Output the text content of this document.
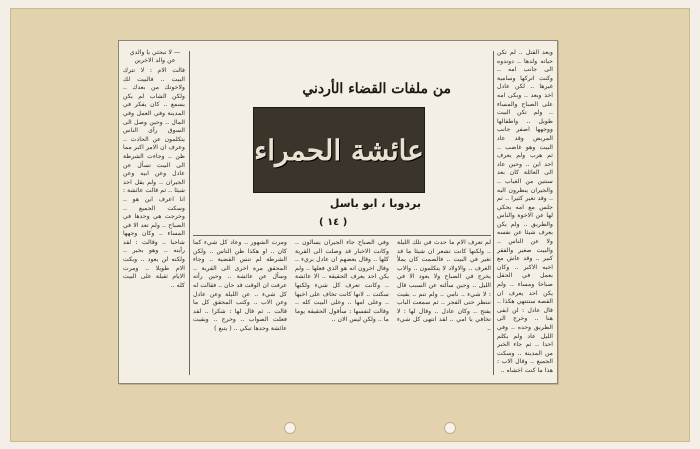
— لا تبحثي يا والدي عن والد الاخرين

قالت الام : لا تترك البيت .. فالبيت لك ولاخوتك من بعدك .. ولكن الشاب لم يكن يسمع .. كان يفكر في المدينة وفي العمل وفي المال .. وحين وصل الى السوق رأى الناس يتكلمون عن الحادث .. وعرف ان الامر اكبر مما ظن .. وجاءت الشرطة الى البيت تسأل عن عادل وعن ابيه وعن الجيران .. ولم يقل احد شيئا .. ثم قالت عائشة : انا اعرف اين هو .. وسكت الجميع .. وخرجت هي وحدها في الصباح .. ولم تعد الا في المساء .. وكان وجهها شاحبا .. وقالت : لقد رأيته .. وهو بخير .. ولكنه لن يعود .. وبكت الام طويلا .. ومرت الايام ثقيلة على البيت كله ..

من ملفات القضاء الأردني
عائشة الحمراء
بردوبا ، ابو باسل
( ١٤ )

لم تعرف الام ما حدث في تلك الليلة .. ولكنها كانت تشعر ان شيئا ما قد تغير في البيت .. فالصمت كان يملأ الغرف .. والاولاد لا يتكلمون .. والاب يخرج في الصباح ولا يعود الا في الليل .. وحين سألته عن السبب قال : لا شيء .. نامي .. ولم تنم .. بقيت تنتظر حتى الفجر .. ثم سمعت الباب يفتح .. وكان عادل .. وقال لها : لا تخافي يا امي .. لقد انتهى كل شيء ..

وفي الصباح جاء الجيران يسألون .. وكانت الاخبار قد وصلت الى القرية كلها .. وقال بعضهم ان عادل بريء .. وقال اخرون انه هو الذي فعلها .. ولم يكن احد يعرف الحقيقة .. الا عائشة .. وكانت تعرف كل شيء ولكنها سكتت .. لانها كانت تخاف على اخيها .. وعلى امها .. وعلى البيت كله .. وقالت لنفسها : سأقول الحقيقة يوما ما .. ولكن ليس الان ..

ومرت الشهور .. وعاد كل شيء كما كان .. او هكذا ظن الناس .. ولكن الشرطة لم تنس القضية .. وجاء المحقق مرة اخرى الى القرية .. وسأل عن عائشة .. وحين رأته عرفت ان الوقت قد حان .. فقالت له كل شيء .. عن الليلة وعن عادل وعن الاب .. وكتب المحقق كل ما قالت .. ثم قال لها : شكرا .. لقد فعلت الصواب .. وخرج .. وبقيت عائشة وحدها تبكي .. ( يتبع )

وبعد القتل .. لم تكن حياته ولدها .. دوندوه الى جانب امه .. وكنت اتركها وسامية غيرها .. لكن عادل اخذ وبعد .. وبكى امه على الصباح والمساء .. ولم تكن البيت طويل .. واطفالها ووجهها اصفر جانب المريض وقد عاد البيت وهو غاضب .. ثم هرب ولم يعرف احد اين .. وحين عاد الى العائلة كان بعد سنتين من الغياب .. والجيران ينظرون اليه .. وقد تغير كثيرا .. ثم جلس مع امه يحكي لها عن الاخوة والناس والطريق .. ولم يكن يعرف شيئا عن نفسه ولا عن الناس .. والبيت صغير والفقر كبير .. وقد عاش مع اخيه الاكبر .. وكان يعمل في الحقل صباحا ومساء .. ولم يكن احد يعرف ان القصة ستنتهي هكذا .. قال عادل : لن ابقى هنا .. وخرج الى الطريق وحده .. وفي الليل عاد ولم يكلم احدا .. ثم جاء الخبر من المدينة .. وسكت الجميع .. وقال الاب : هذا ما كنت اخشاه ..
